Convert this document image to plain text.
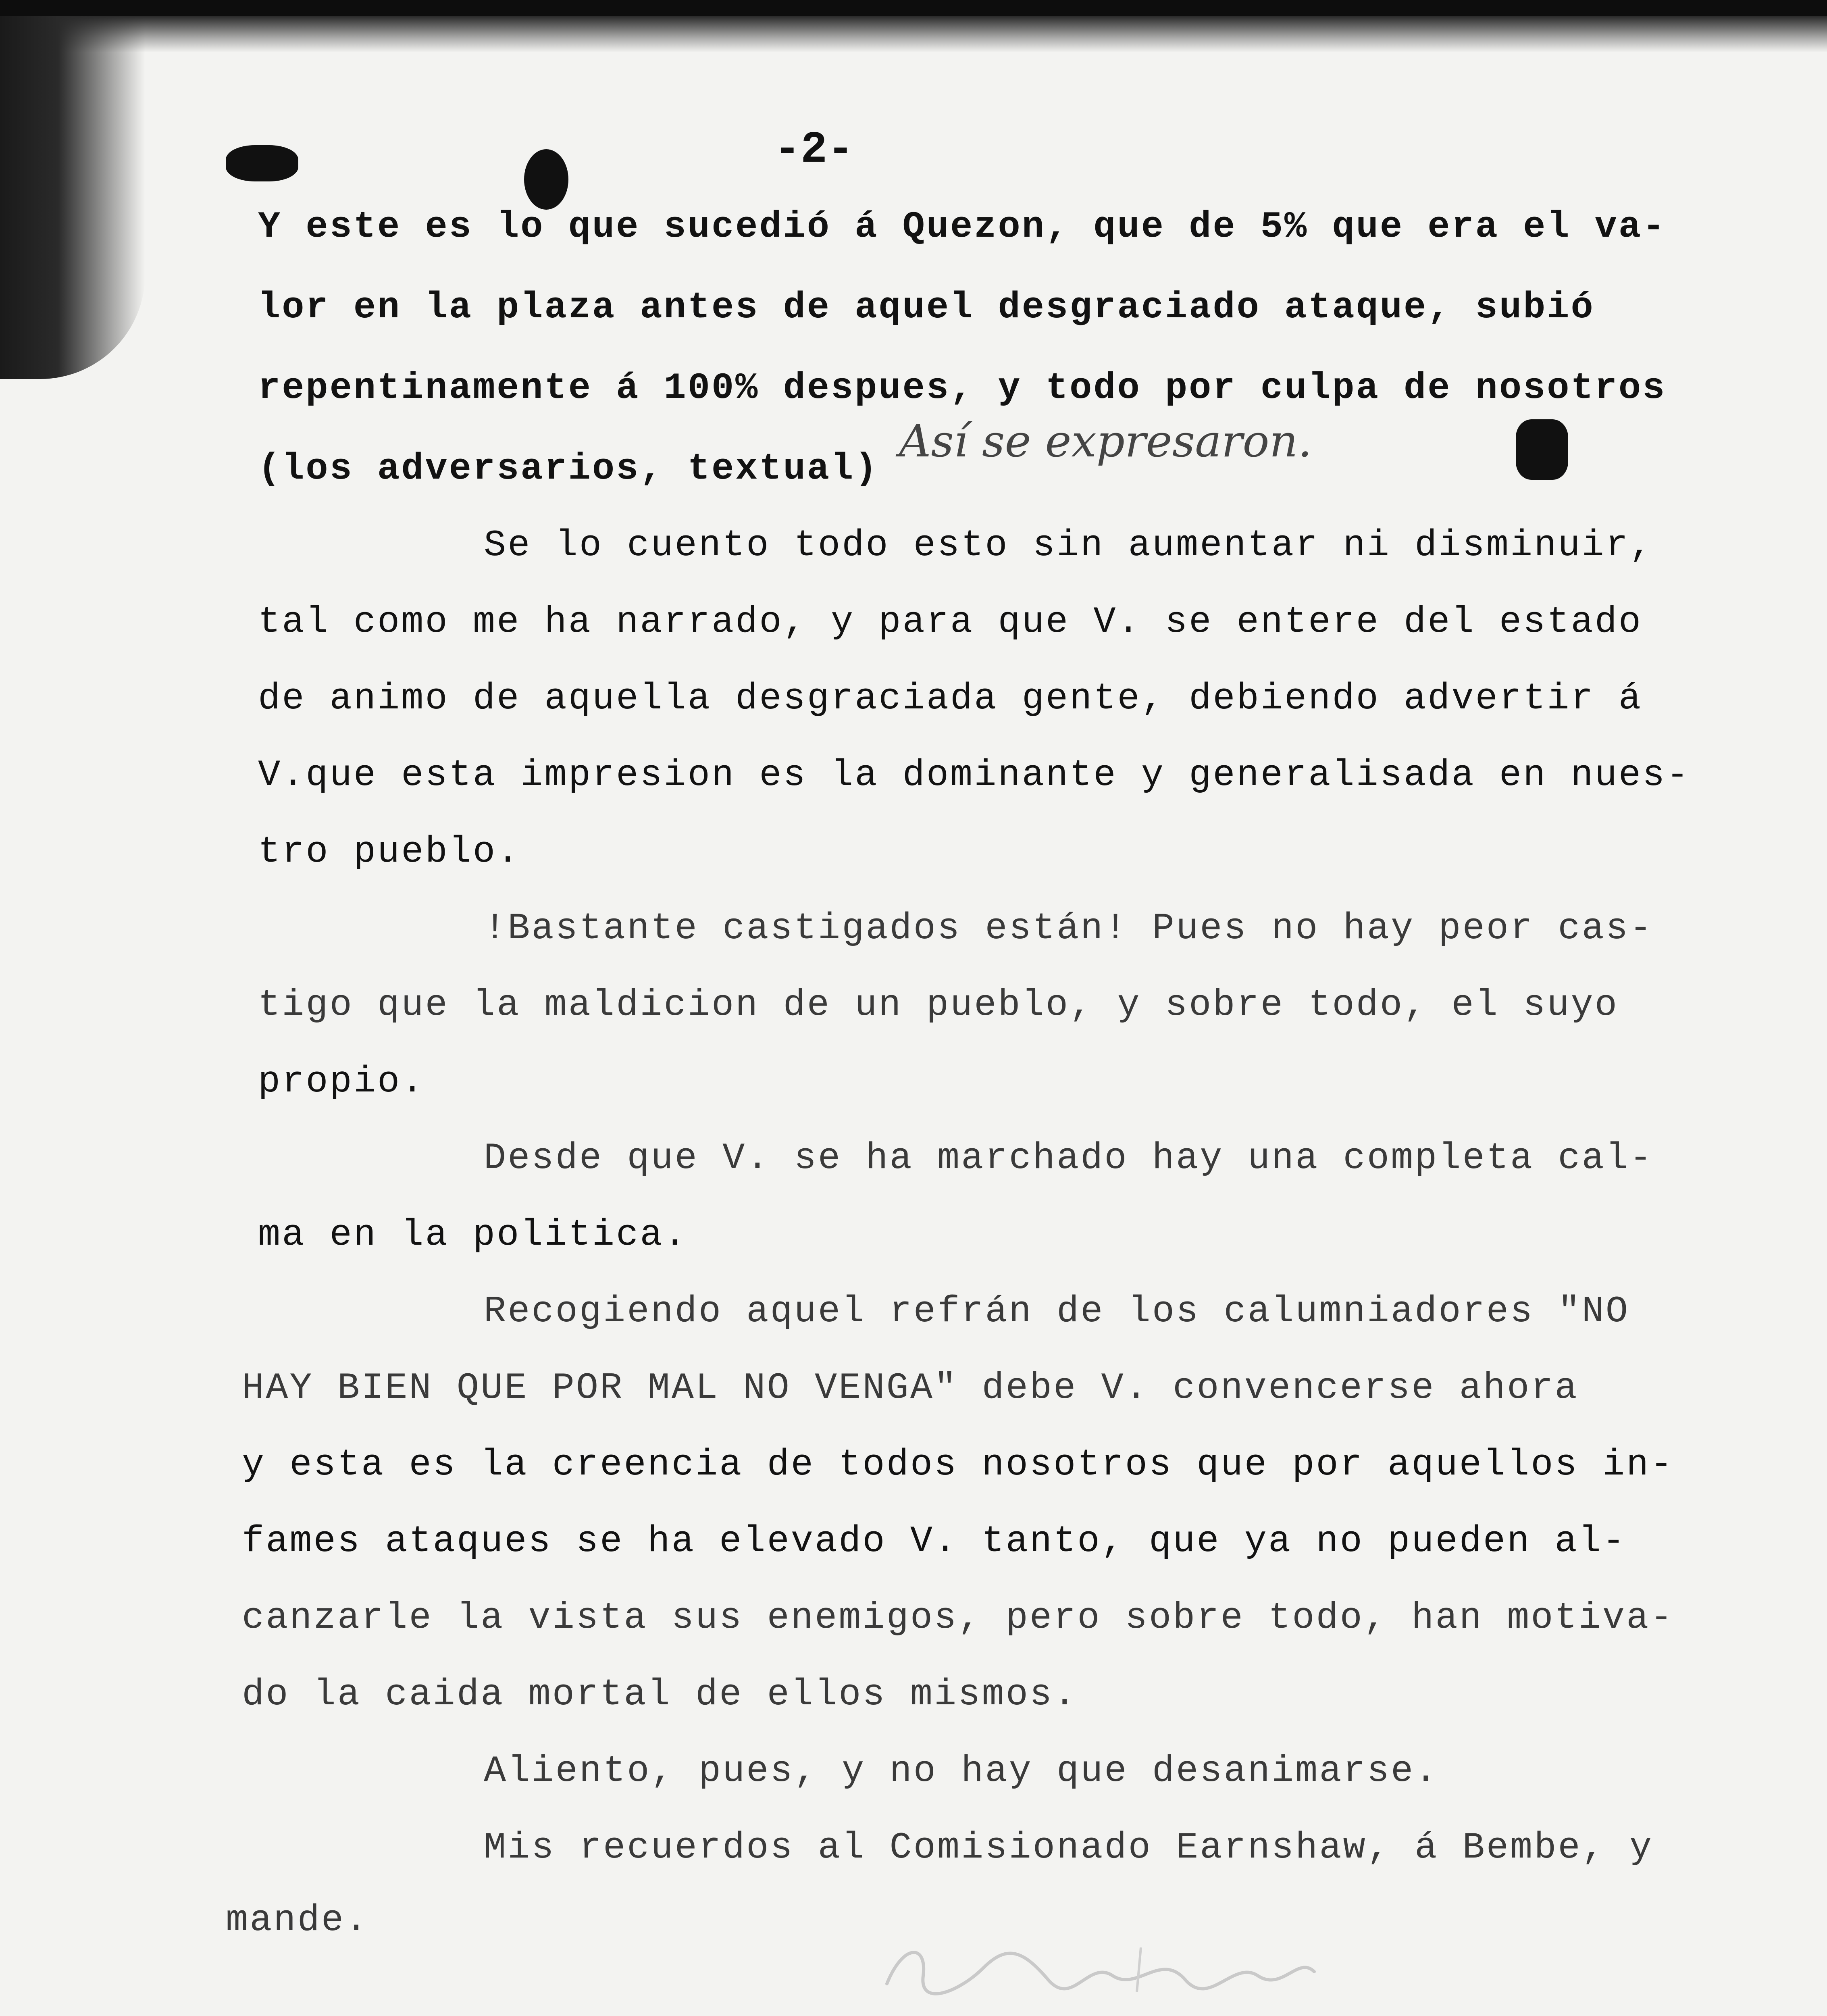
-2-
Y este es lo que sucedió á Quezon, que de 5% que era el va-
lor en la plaza antes de aquel desgraciado ataque, subió
repentinamente á 100% despues, y todo por culpa de nosotros
(los adversarios, textual)
Así se expresaron.
Se lo cuento todo esto sin aumentar ni disminuir,
tal como me ha narrado, y para que V. se entere del estado
de animo de aquella desgraciada gente, debiendo advertir á
V.que esta impresion es la dominante y generalisada en nues-
tro pueblo.
!Bastante castigados están! Pues no hay peor cas-
tigo que la maldicion de un pueblo, y sobre todo, el suyo
propio.
Desde que V. se ha marchado hay una completa cal-
ma en la politica.
Recogiendo aquel refrán de los calumniadores "NO
HAY BIEN QUE POR MAL NO VENGA" debe V. convencerse ahora
y esta es la creencia de todos nosotros que por aquellos in-
fames ataques se ha elevado V. tanto, que ya no pueden al-
canzarle la vista sus enemigos, pero sobre todo, han motiva-
do la caida mortal de ellos mismos.
Aliento, pues, y no hay que desanimarse.
Mis recuerdos al Comisionado Earnshaw, á Bembe, y
mande.
